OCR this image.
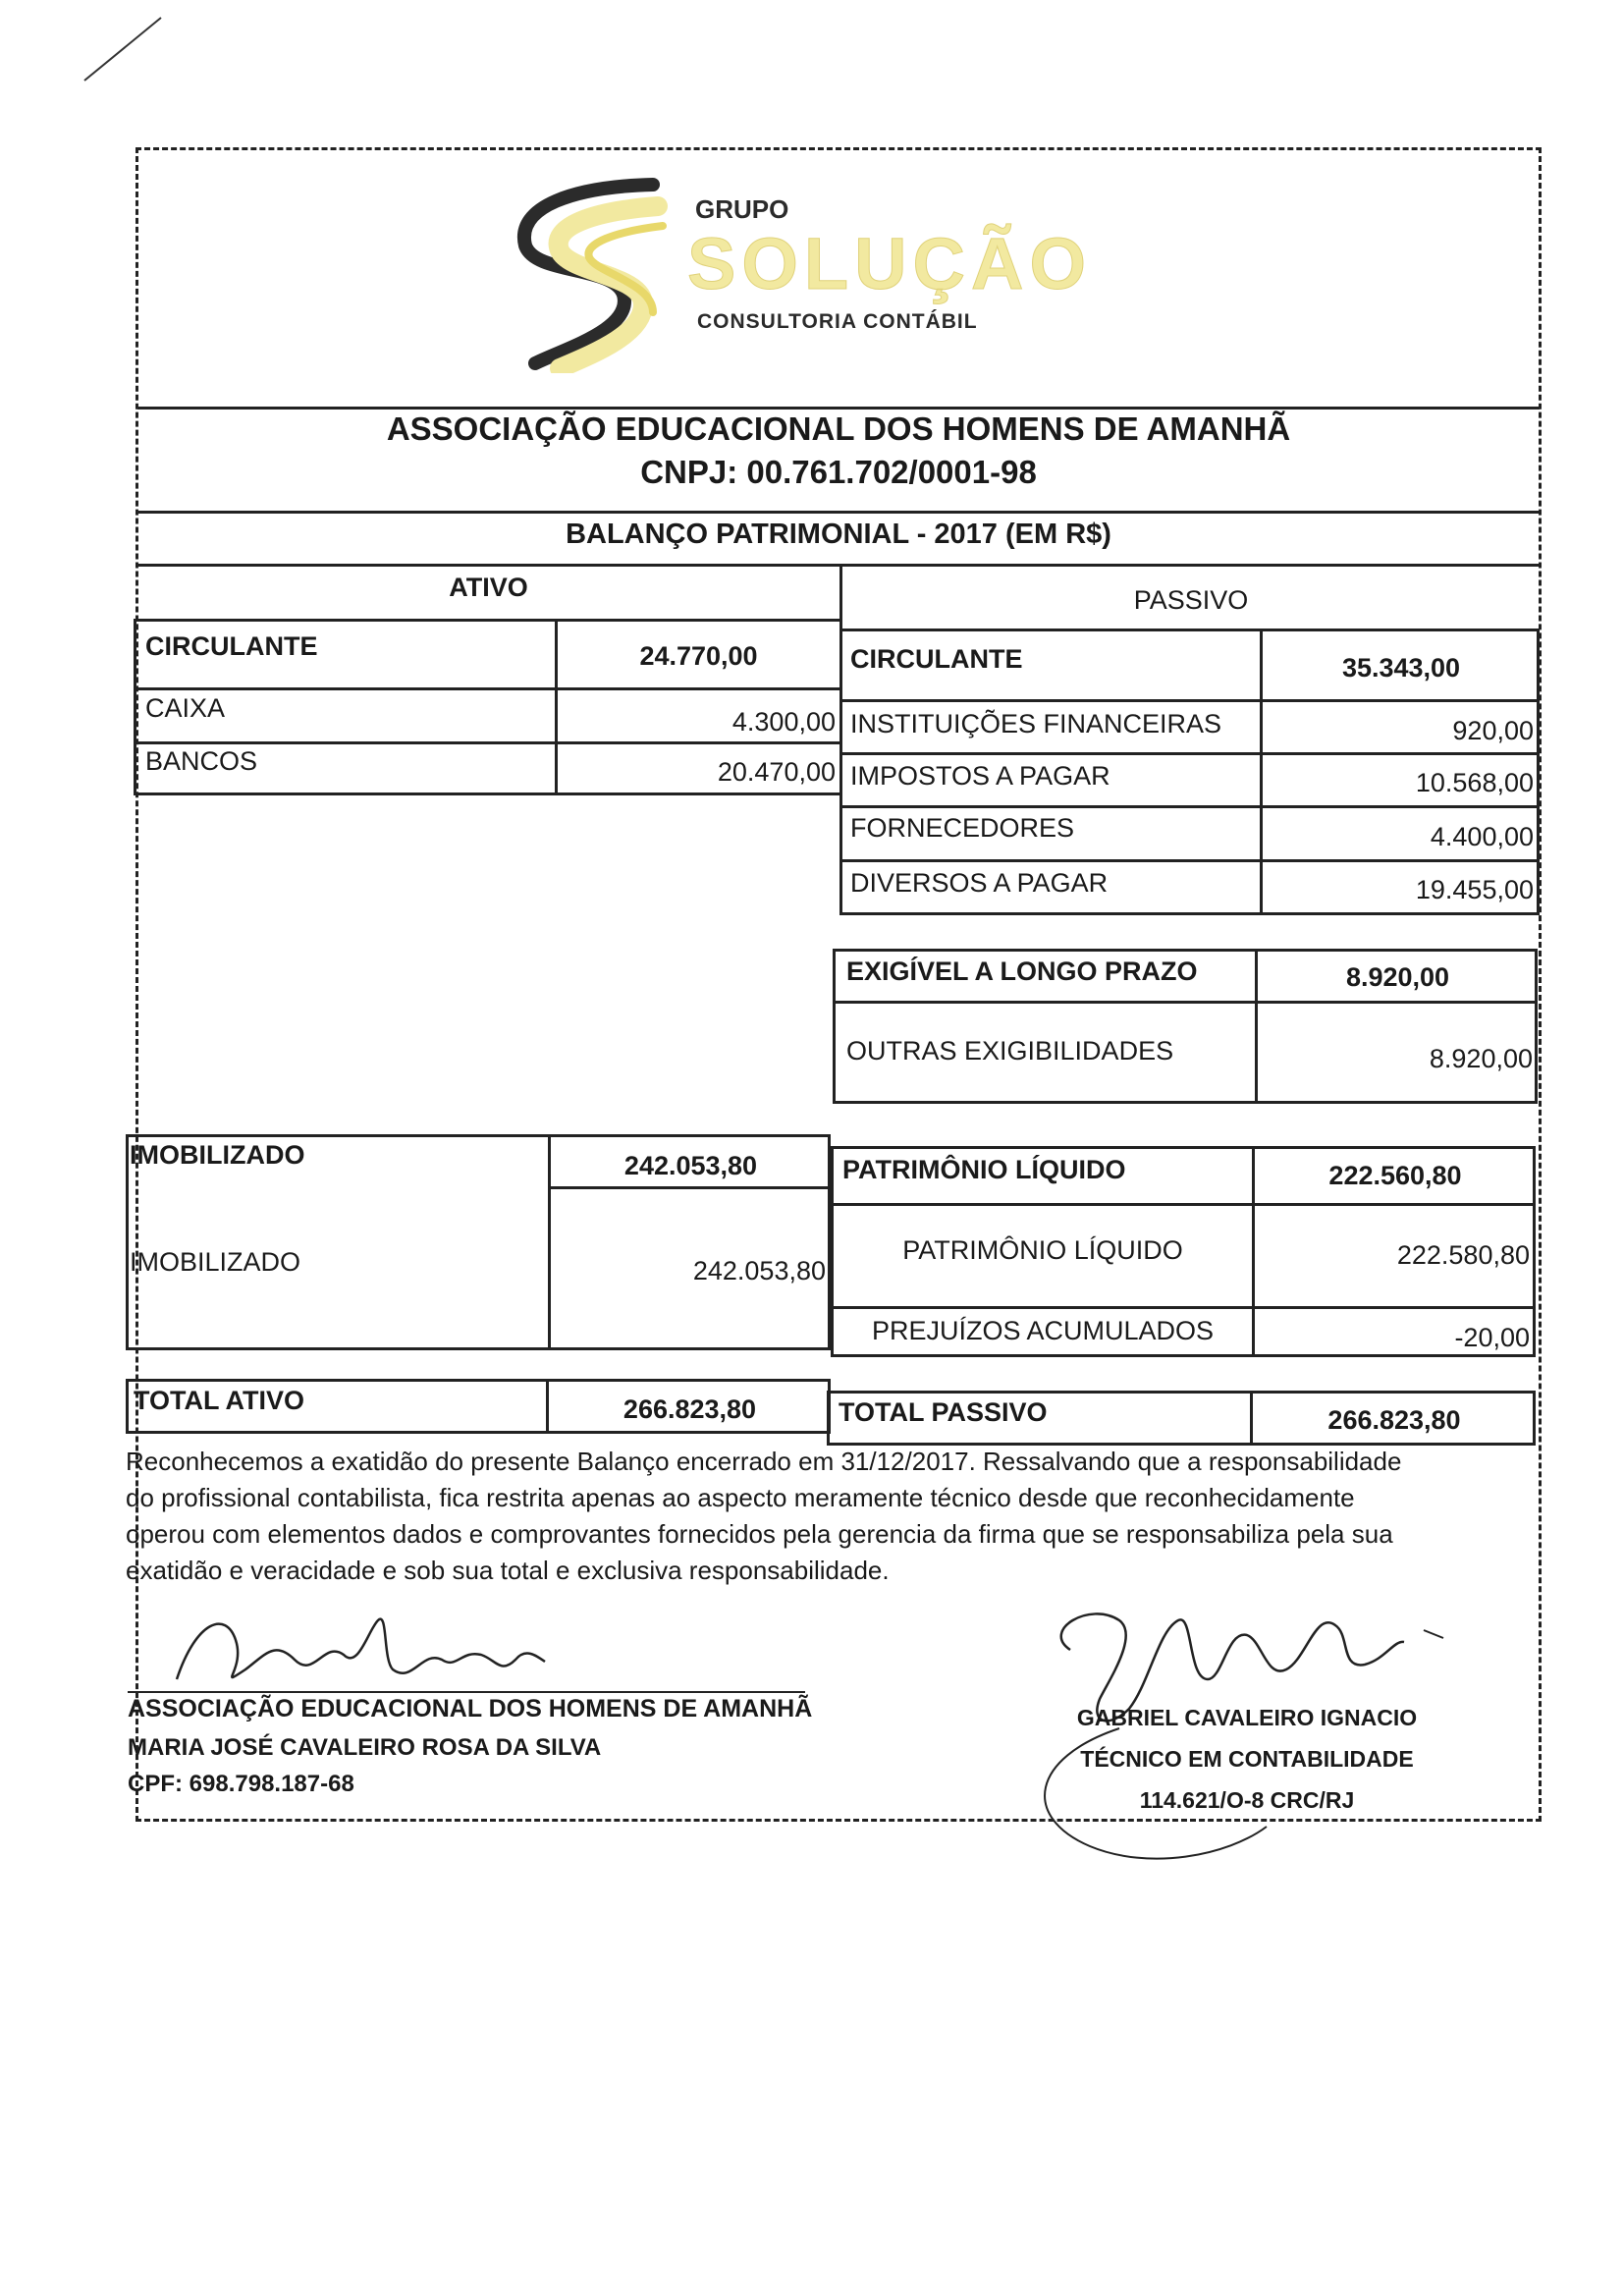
GRUPO
SOLUÇÃO
CONSULTORIA CONTÁBIL
ASSOCIAÇÃO EDUCACIONAL DOS HOMENS DE AMANHÃ
CNPJ: 00.761.702/0001-98
BALANÇO PATRIMONIAL - 2017 (EM R$)
ATIVO	PASSIVO
CIRCULANTE	24.770,00
CAIXA	4.300,00
BANCOS	20.470,00
CIRCULANTE	35.343,00
INSTITUIÇÕES FINANCEIRAS	920,00
IMPOSTOS A PAGAR	10.568,00
FORNECEDORES	4.400,00
DIVERSOS A PAGAR	19.455,00
EXIGÍVEL A LONGO PRAZO	8.920,00
OUTRAS EXIGIBILIDADES	8.920,00
IMOBILIZADO	242.053,80
IMOBILIZADO	242.053,80
PATRIMÔNIO LÍQUIDO	222.560,80
PATRIMÔNIO LÍQUIDO	222.580,80
PREJUÍZOS ACUMULADOS	-20,00
TOTAL ATIVO	266.823,80	TOTAL PASSIVO	266.823,80
Reconhecemos a exatidão do presente Balanço encerrado em 31/12/2017. Ressalvando que a responsabilidade
do profissional contabilista, fica restrita apenas ao aspecto meramente técnico desde que reconhecidamente
operou com elementos dados e comprovantes fornecidos pela gerencia da firma que se responsabiliza pela sua
exatidão e veracidade e sob sua total e exclusiva responsabilidade.
ASSOCIAÇÃO EDUCACIONAL DOS HOMENS DE AMANHÃ
MARIA JOSÉ CAVALEIRO ROSA DA SILVA
CPF: 698.798.187-68
GABRIEL CAVALEIRO IGNACIO
TÉCNICO EM CONTABILIDADE
114.621/O-8 CRC/RJ
